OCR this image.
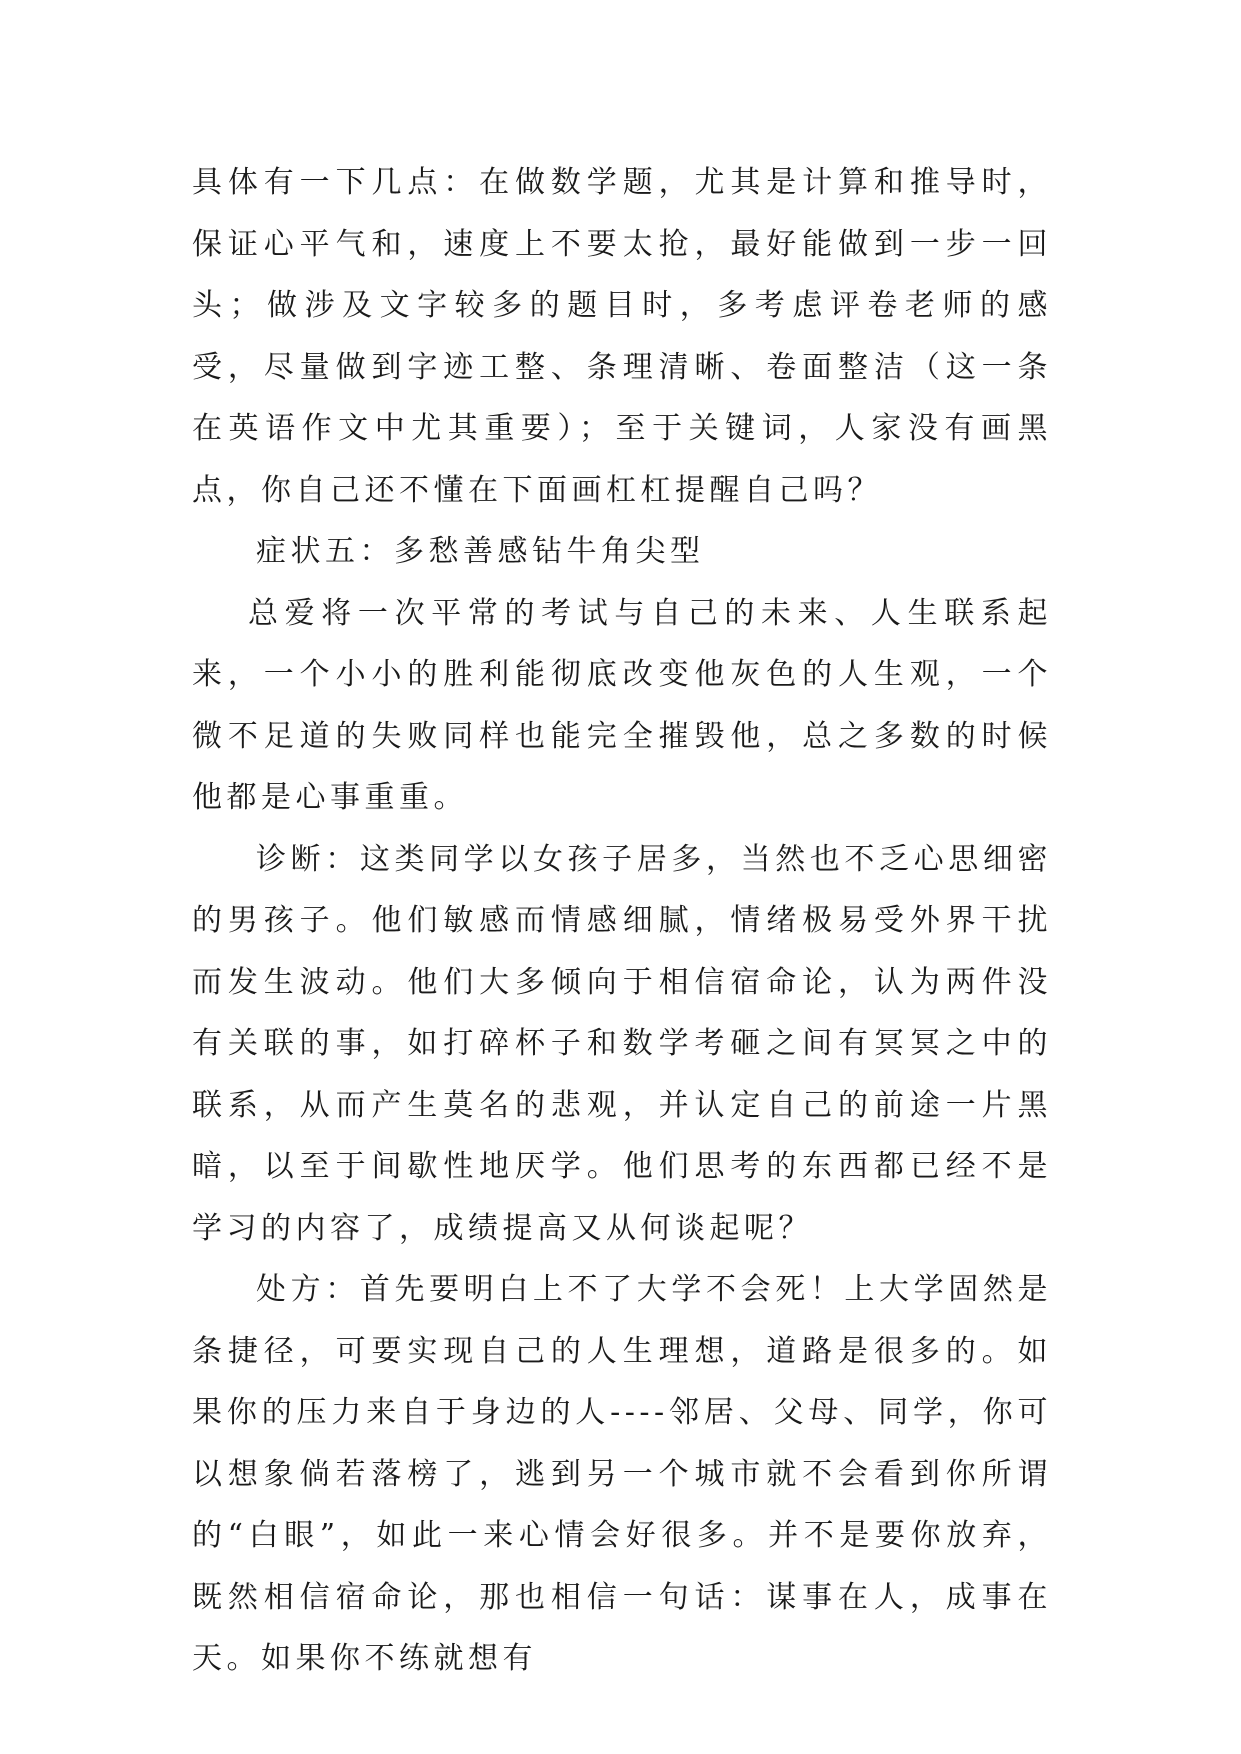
具体有一下几点：在做数学题，尤其是计算和推导时，保证心平气和，速度上不要太抢，最好能做到一步一回头；做涉及文字较多的题目时，多考虑评卷老师的感受，尽量做到字迹工整、条理清晰、卷面整洁（这一条在英语作文中尤其重要）；至于关键词，人家没有画黑点，你自己还不懂在下面画杠杠提醒自己吗？

症状五：多愁善感钻牛角尖型

总爱将一次平常的考试与自己的未来、人生联系起来，一个小小的胜利能彻底改变他灰色的人生观，一个微不足道的失败同样也能完全摧毁他，总之多数的时候他都是心事重重。

诊断：这类同学以女孩子居多，当然也不乏心思细密的男孩子。他们敏感而情感细腻，情绪极易受外界干扰而发生波动。他们大多倾向于相信宿命论，认为两件没有关联的事，如打碎杯子和数学考砸之间有冥冥之中的联系，从而产生莫名的悲观，并认定自己的前途一片黑暗，以至于间歇性地厌学。他们思考的东西都已经不是学习的内容了，成绩提高又从何谈起呢？

处方：首先要明白上不了大学不会死！上大学固然是条捷径，可要实现自己的人生理想，道路是很多的。如果你的压力来自于身边的人----邻居、父母、同学，你可以想象倘若落榜了，逃到另一个城市就不会看到你所谓的“白眼”，如此一来心情会好很多。并不是要你放弃，既然相信宿命论，那也相信一句话：谋事在人，成事在天。如果你不练就想有
